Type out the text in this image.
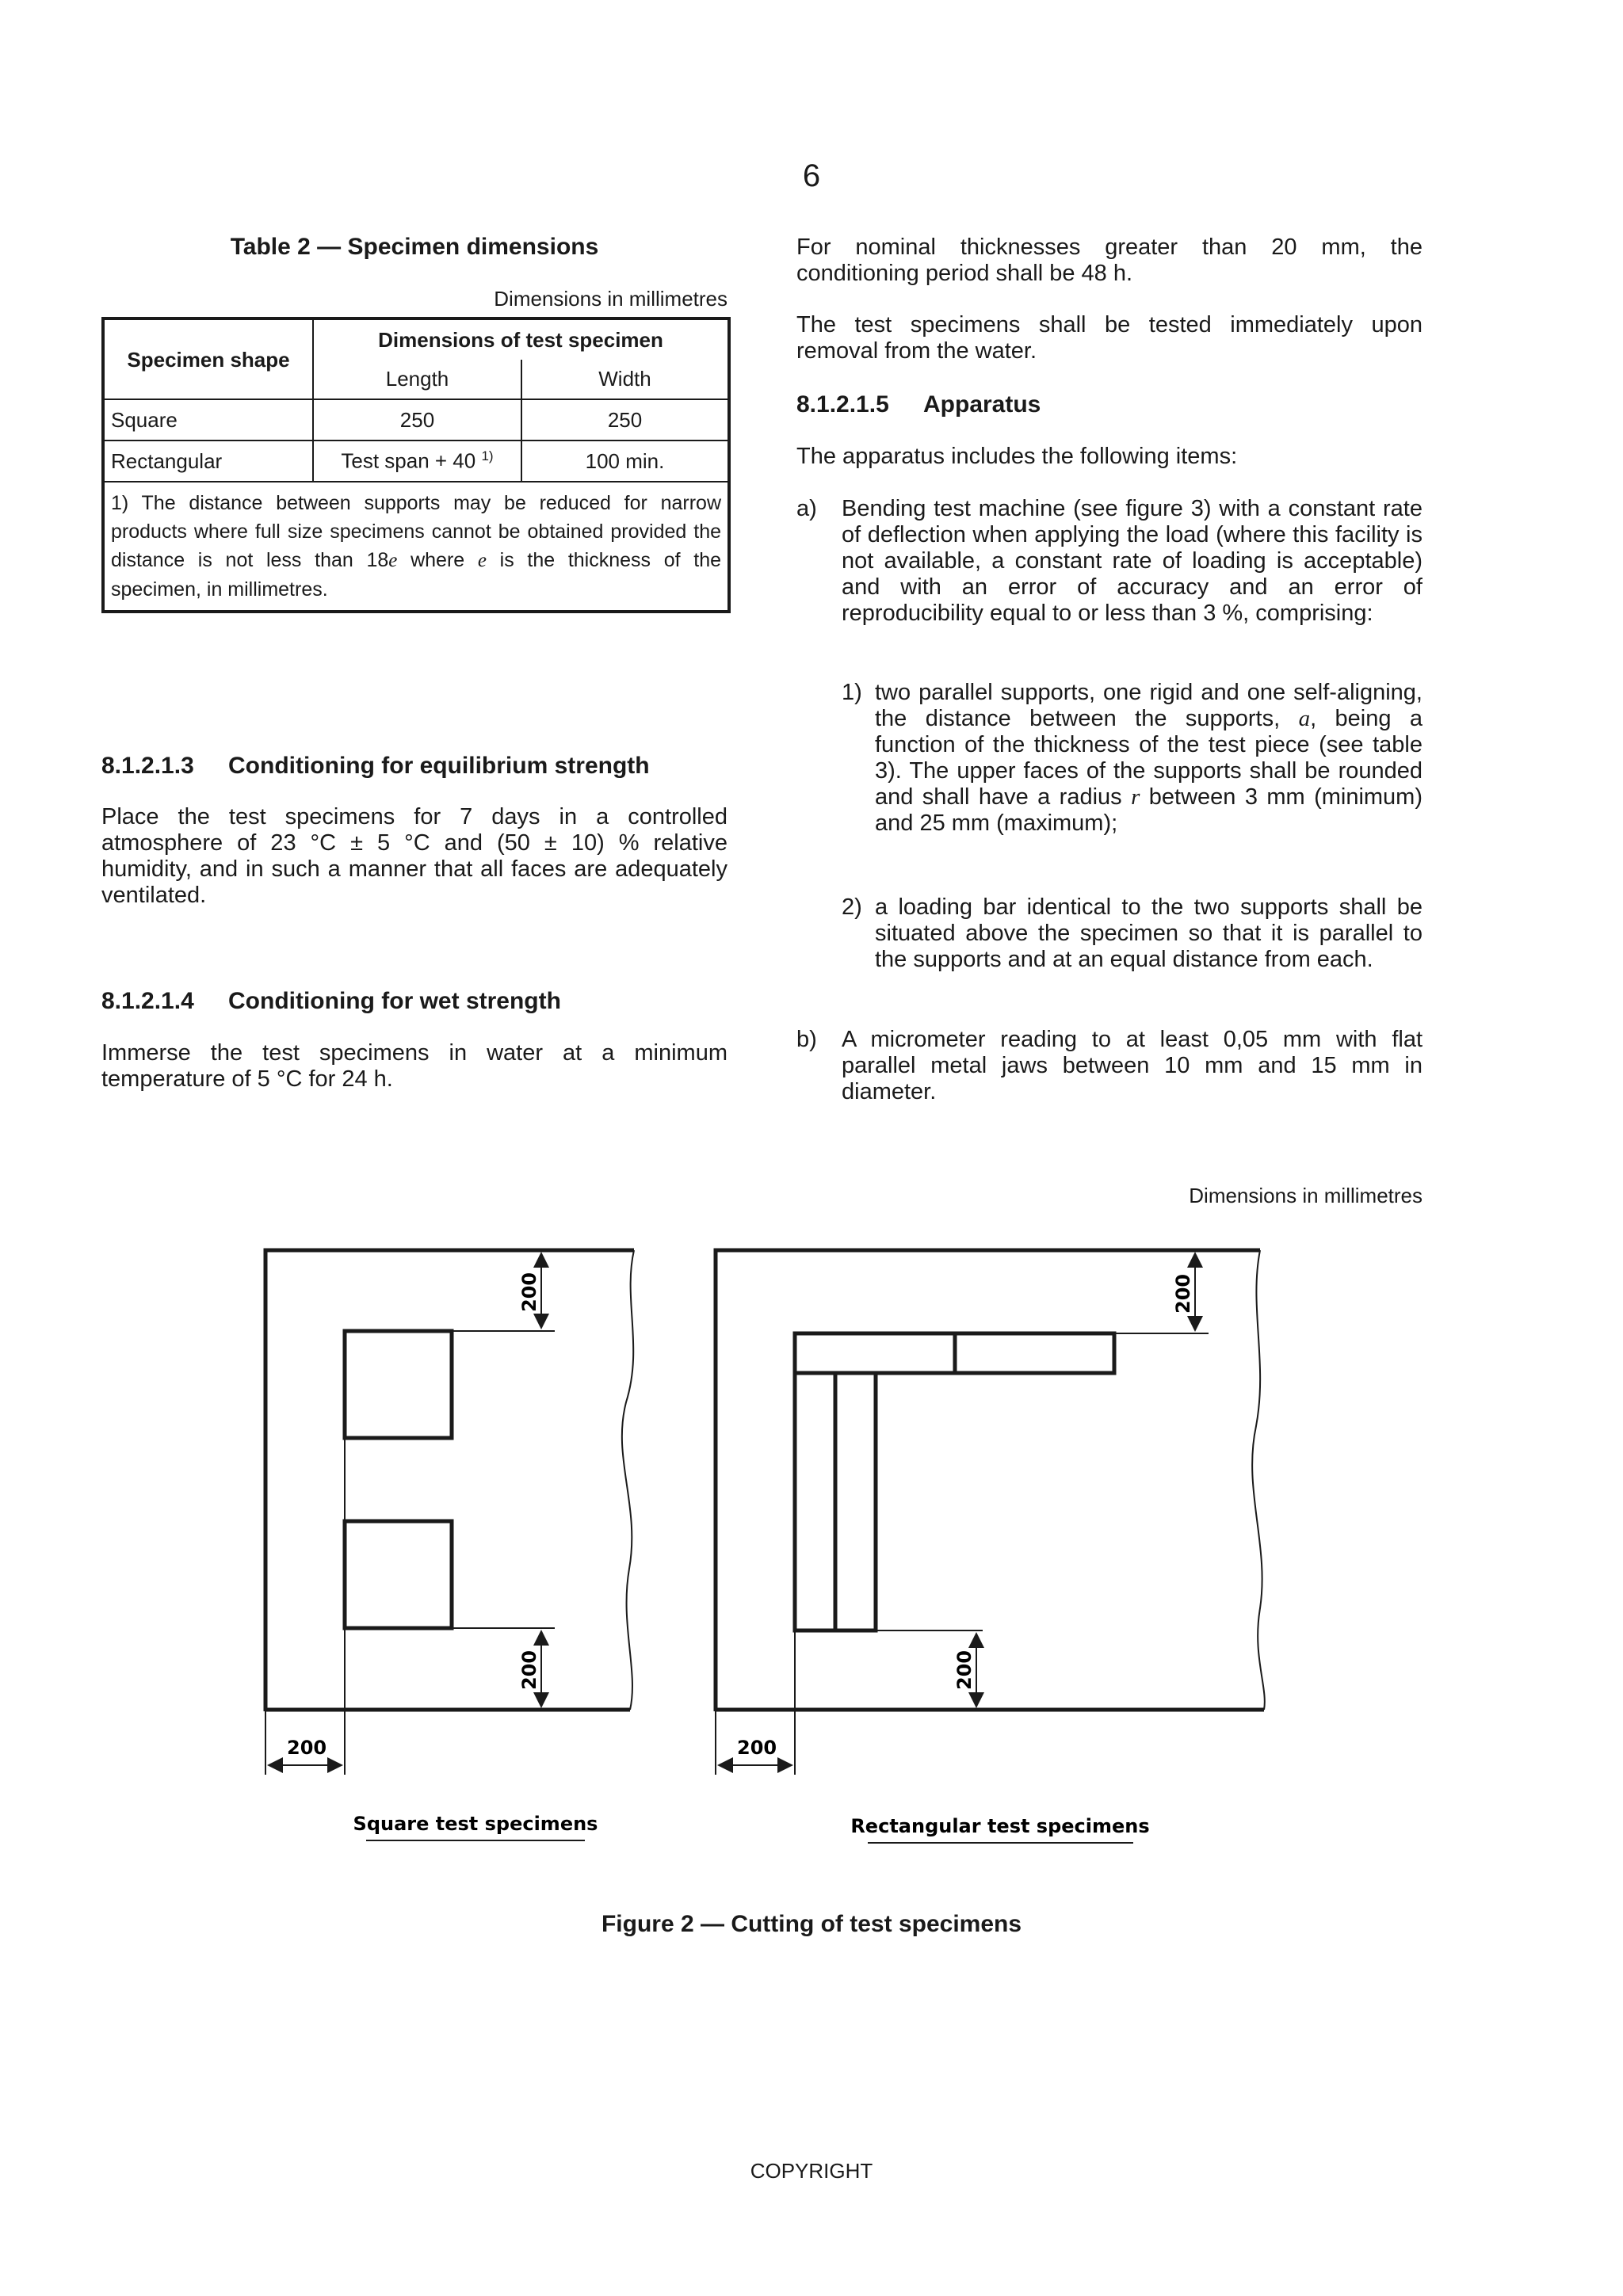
6
Table 2 — Specimen dimensions
Dimensions in millimetres
Specimen shape	Dimensions of test specimen	
	Length	Width
Square	250	250
Rectangular	Test span + 40 $^{1)}$	100 min.
1) The distance between supports may be reduced for narrow products where full size specimens cannot be obtained provided the distance is not less than 18e where e is the thickness of the specimen, in millimetres.		
8.1.2.1.3 Conditioning for equilibrium strength

Place the test specimens for 7 days in a controlled atmosphere of 23 °C ± 5 °C and (50 ± 10) % relative humidity, and in such a manner that all faces are adequately ventilated.

8.1.2.1.4 Conditioning for wet strength

Immerse the test specimens in water at a minimum temperature of 5 °C for 24 h.

For nominal thicknesses greater than 20 mm, the conditioning period shall be 48 h.

The test specimens shall be tested immediately upon removal from the water.

8.1.2.1.5 Apparatus

The apparatus includes the following items:

a) Bending test machine (see figure 3) with a constant rate of deflection when applying the load (where this facility is not available, a constant rate of loading is acceptable) and with an error of accuracy and an error of reproducibility equal to or less than 3 %, comprising:
1) two parallel supports, one rigid and one self-aligning, the distance between the supports, a, being a function of the thickness of the test piece (see table 3). The upper faces of the supports shall be rounded and shall have a radius r between 3 mm (minimum) and 25 mm (maximum);
2) a loading bar identical to the two supports shall be situated above the specimen so that it is parallel to the supports and at an equal distance from each.
b) A micrometer reading to at least 0,05 mm with flat parallel metal jaws between 10 mm and 15 mm in diameter.
Dimensions in millimetres
200
200
200
200
200
200
Square test specimens	Rectangular test specimens
Figure 2 — Cutting of test specimens
COPYRIGHT
